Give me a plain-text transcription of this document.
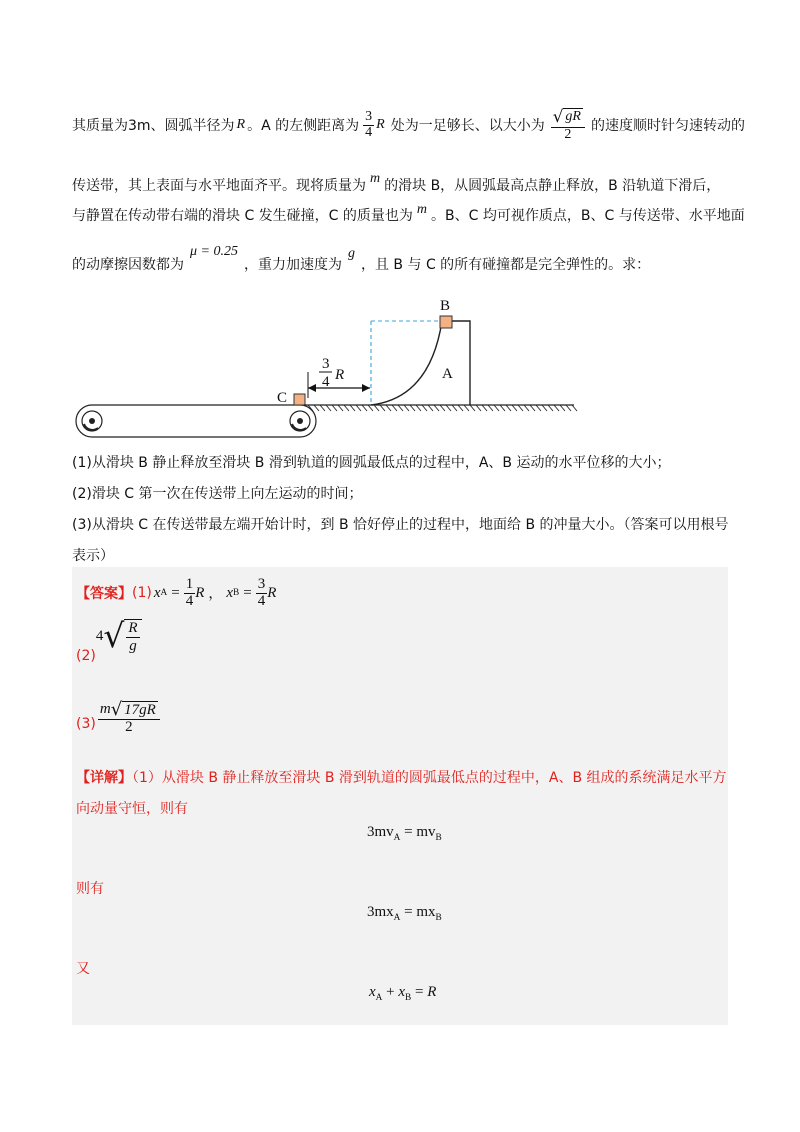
其质量为3m、圆弧半径为 R 。A 的左侧距离为 $\frac{3}{4}$ R 处为一足够长、以大小为 $\frac{√ gR}{2}$ 的速度顺时针匀速转动的
传送带，其上表面与水平地面齐平。现将质量为 m 的滑块 B，从圆弧最高点静止释放，B 沿轨道下滑后，
与静置在传动带右端的滑块 C 发生碰撞，C 的质量也为 m 。B、C 均可视作质点，B、C 与传送带、水平地面
的动摩擦因数都为
μ = 0.25
，重力加速度为
g
，且 B 与 C 的所有碰撞都是完全弹性的。求：
C
3
4 R	A
B
(1)从滑块 B 静止释放至滑块 B 滑到轨道的圆弧最低点的过程中，A、B 运动的水平位移的大小；
(2)滑块 C 第一次在传送带上向左运动的时间；
(3)从滑块 C 在传送带最左端开始计时，到 B 恰好停止的过程中，地面给 B 的冲量大小。（答案可以用根号
表示）
【答案】 (1) x $A = \frac{1}{4}$ R ， x $B = \frac{3}{4}$ R
(2)
4 √ $\frac{R}{g}$
$(3) \frac{m √ 17gR}{2}$
【详解】（1）从滑块 B 静止释放至滑块 B 滑到轨道的圆弧最低点的过程中，A、B 组成的系统满足水平方
向动量守恒，则有
$3mv_A = mv_B$
则有
$3mx_A = mx_B$
又
$x_A + x_B = R$
